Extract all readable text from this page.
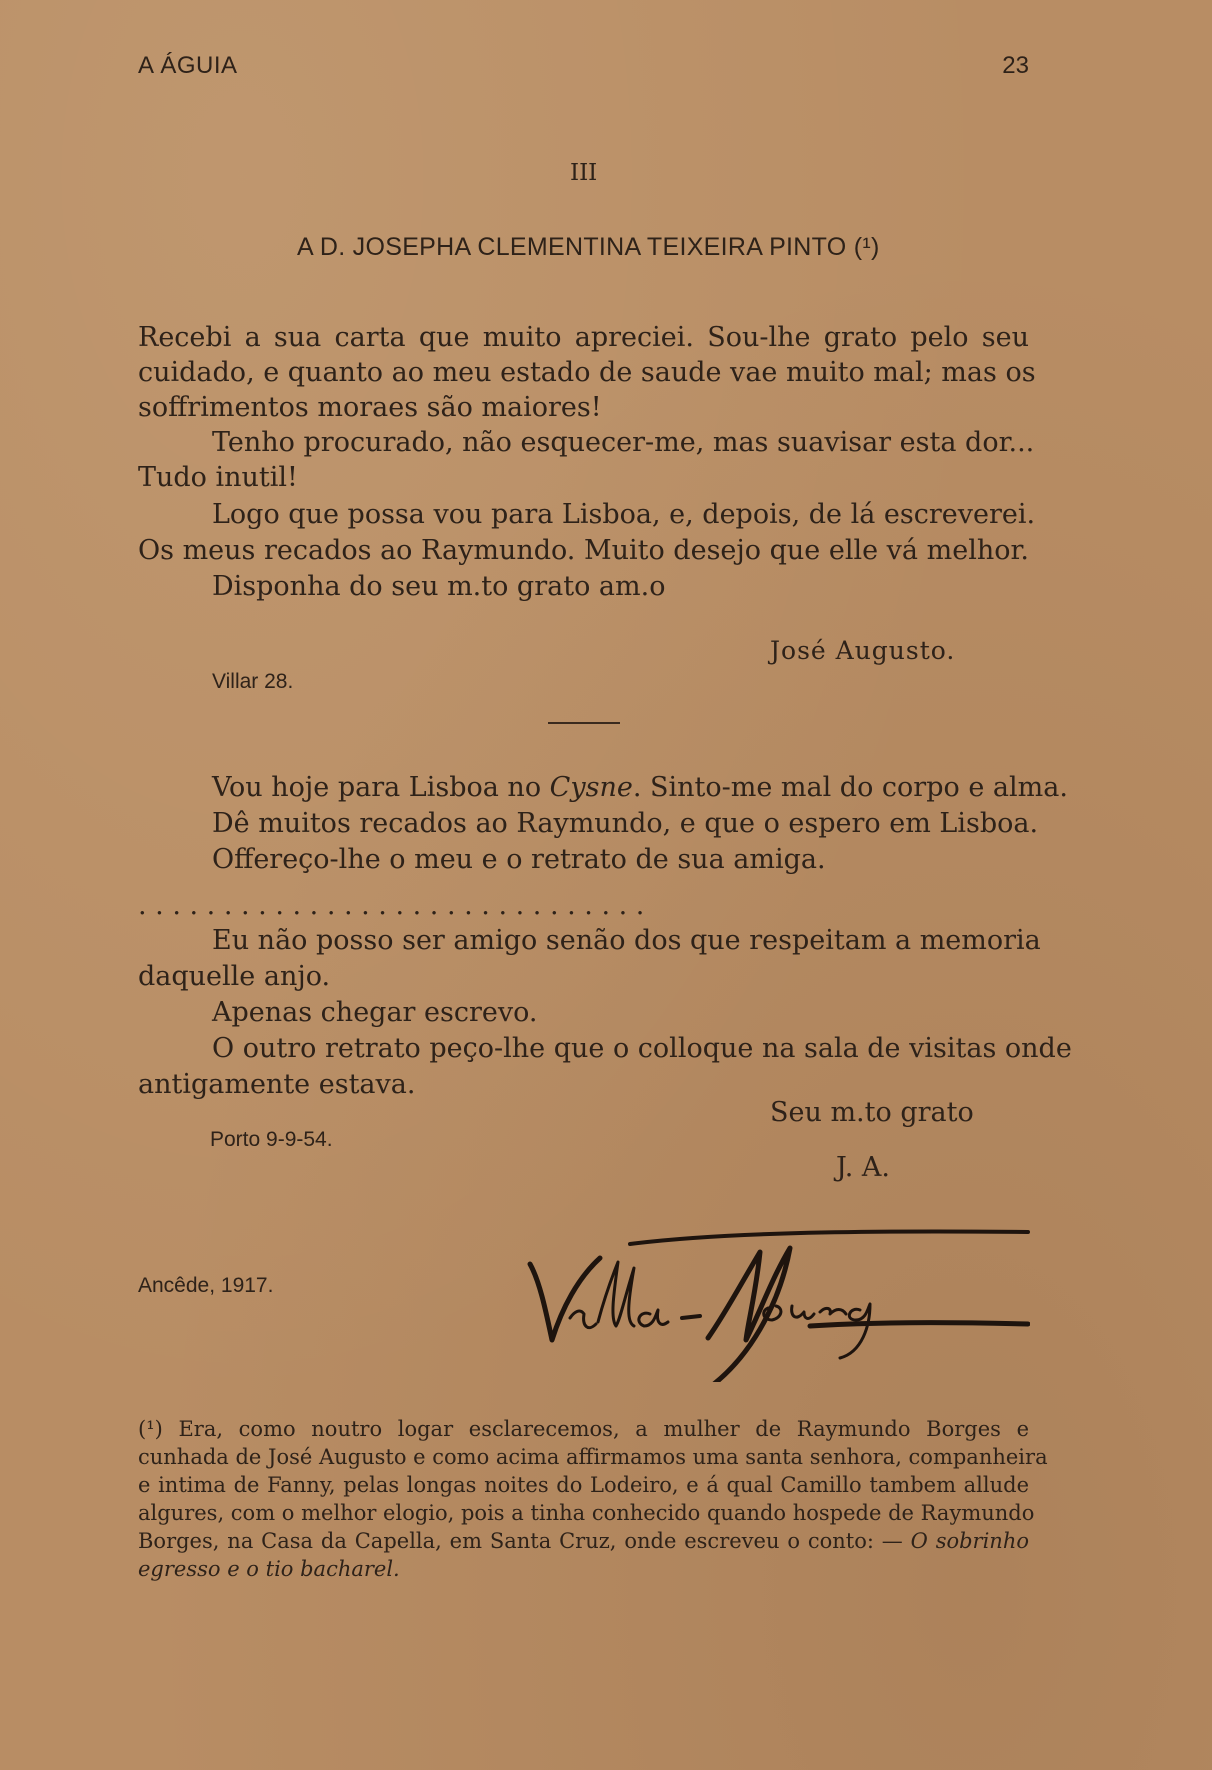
A ÁGUIA	23
III
A D. JOSEPHA CLEMENTINA TEIXEIRA PINTO (¹)
Recebi a sua carta que muito apreciei. Sou-lhe grato pelo seu
cuidado, e quanto ao meu estado de saude vae muito mal; mas os
soffrimentos moraes são maiores!
Tenho procurado, não esquecer-me, mas suavisar esta dor...
Tudo inutil!
Logo que possa vou para Lisboa, e, depois, de lá escreverei.
Os meus recados ao Raymundo. Muito desejo que elle vá melhor.
Disponha do seu m.to grato am.o
José Augusto.
Villar 28.
Vou hoje para Lisboa no Cysne. Sinto-me mal do corpo e alma.
Dê muitos recados ao Raymundo, e que o espero em Lisboa.
Offereço-lhe o meu e o retrato de sua amiga.
. . . . . . . . . . . . . . . . . . . . . . . . . . . . . .
Eu não posso ser amigo senão dos que respeitam a memoria
daquelle anjo.
Apenas chegar escrevo.
O outro retrato peço-lhe que o colloque na sala de visitas onde
antigamente estava.
Seu m.to grato
Porto 9-9-54.
J. A.
Ancêde, 1917.
(¹) Era, como noutro logar esclarecemos, a mulher de Raymundo Borges e
cunhada de José Augusto e como acima affirmamos uma santa senhora, companheira
e intima de Fanny, pelas longas noites do Lodeiro, e á qual Camillo tambem allude
algures, com o melhor elogio, pois a tinha conhecido quando hospede de Raymundo
Borges, na Casa da Capella, em Santa Cruz, onde escreveu o conto: — O sobrinho
egresso e o tio bacharel.
